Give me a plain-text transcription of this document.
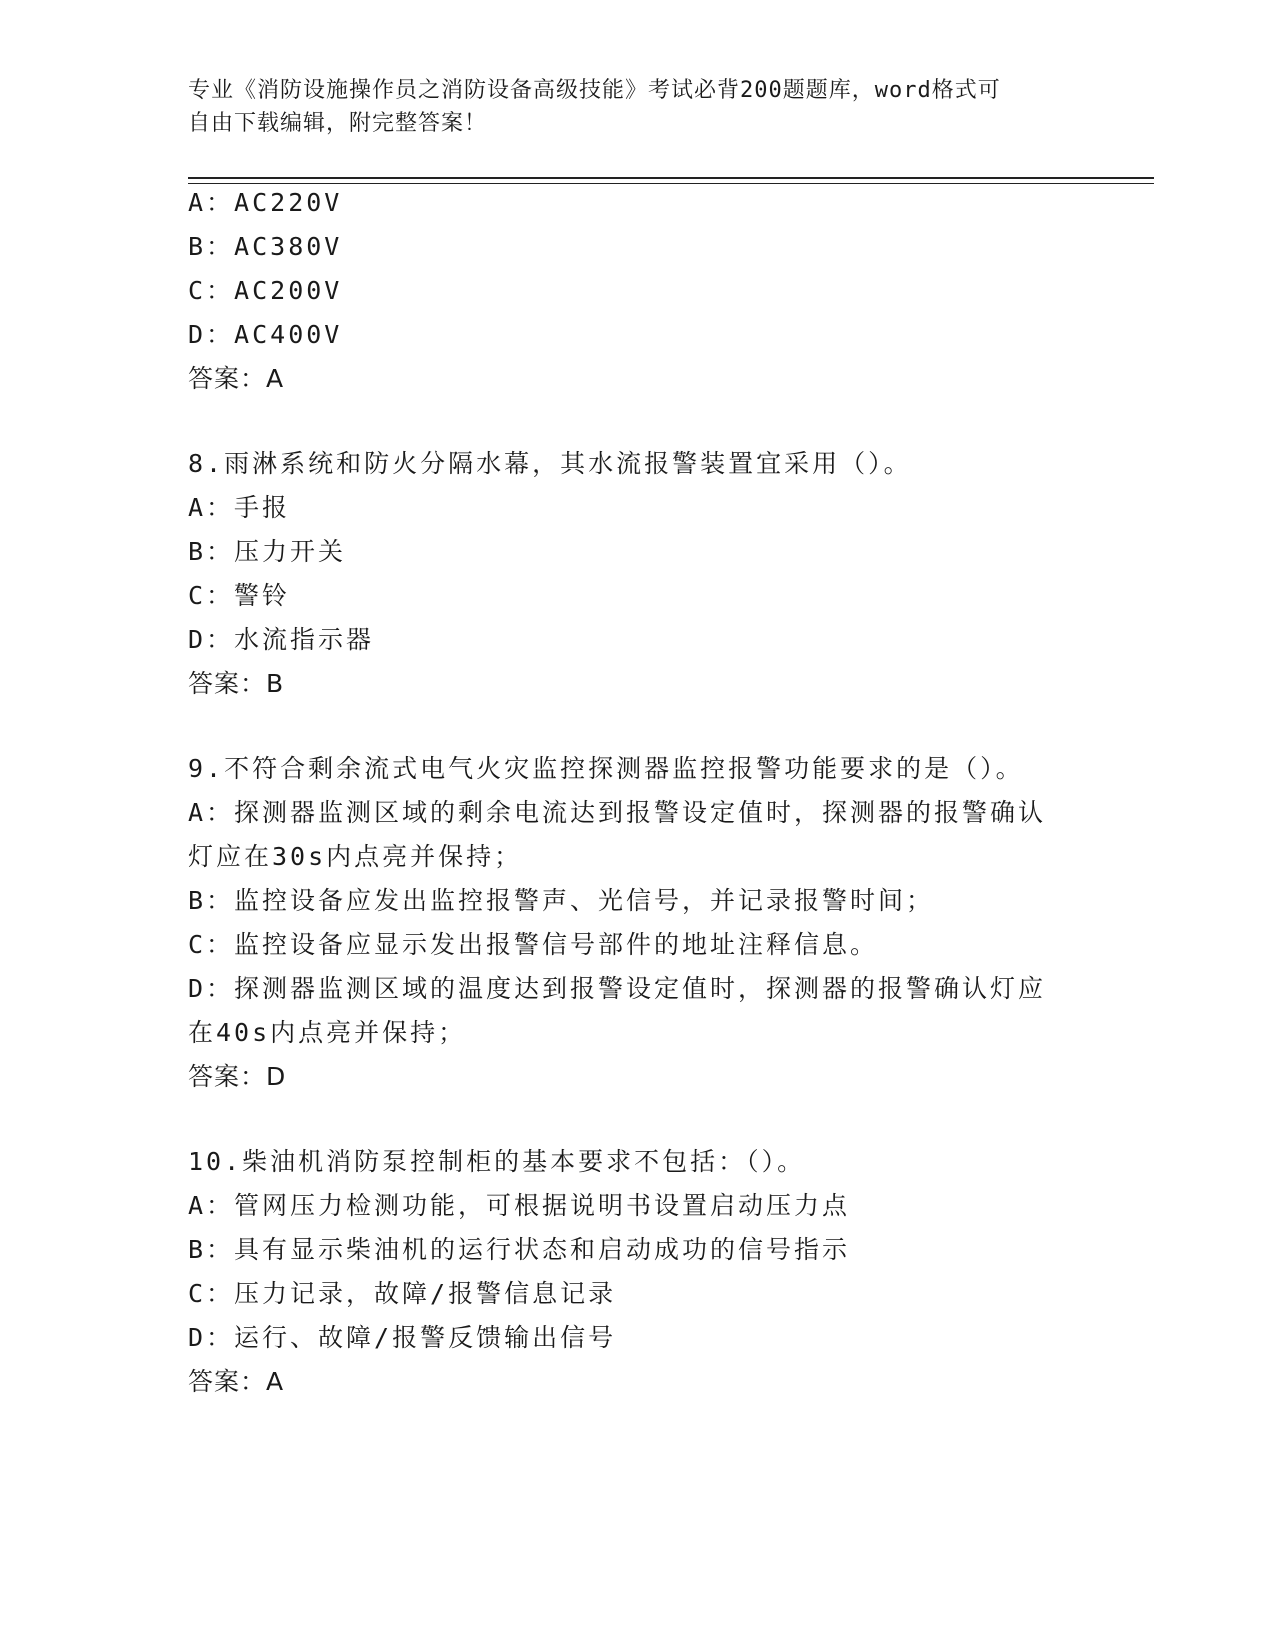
专业《消防设施操作员之消防设备高级技能》考试必背200题题库，word格式可
自由下载编辑，附完整答案！
A：AC220V
B：AC380V
C：AC200V
D：AC400V
答案：A
8.雨淋系统和防火分隔水幕，其水流报警装置宜采用（）。
A：手报
B：压力开关
C：警铃
D：水流指示器
答案：B
9.不符合剩余流式电气火灾监控探测器监控报警功能要求的是（）。
A：探测器监测区域的剩余电流达到报警设定值时，探测器的报警确认
灯应在30s内点亮并保持；
B：监控设备应发出监控报警声、光信号，并记录报警时间；
C：监控设备应显示发出报警信号部件的地址注释信息。
D：探测器监测区域的温度达到报警设定值时，探测器的报警确认灯应
在40s内点亮并保持；
答案：D
10.柴油机消防泵控制柜的基本要求不包括：（）。
A：管网压力检测功能，可根据说明书设置启动压力点
B：具有显示柴油机的运行状态和启动成功的信号指示
C：压力记录，故障/报警信息记录
D：运行、故障/报警反馈输出信号
答案：A
